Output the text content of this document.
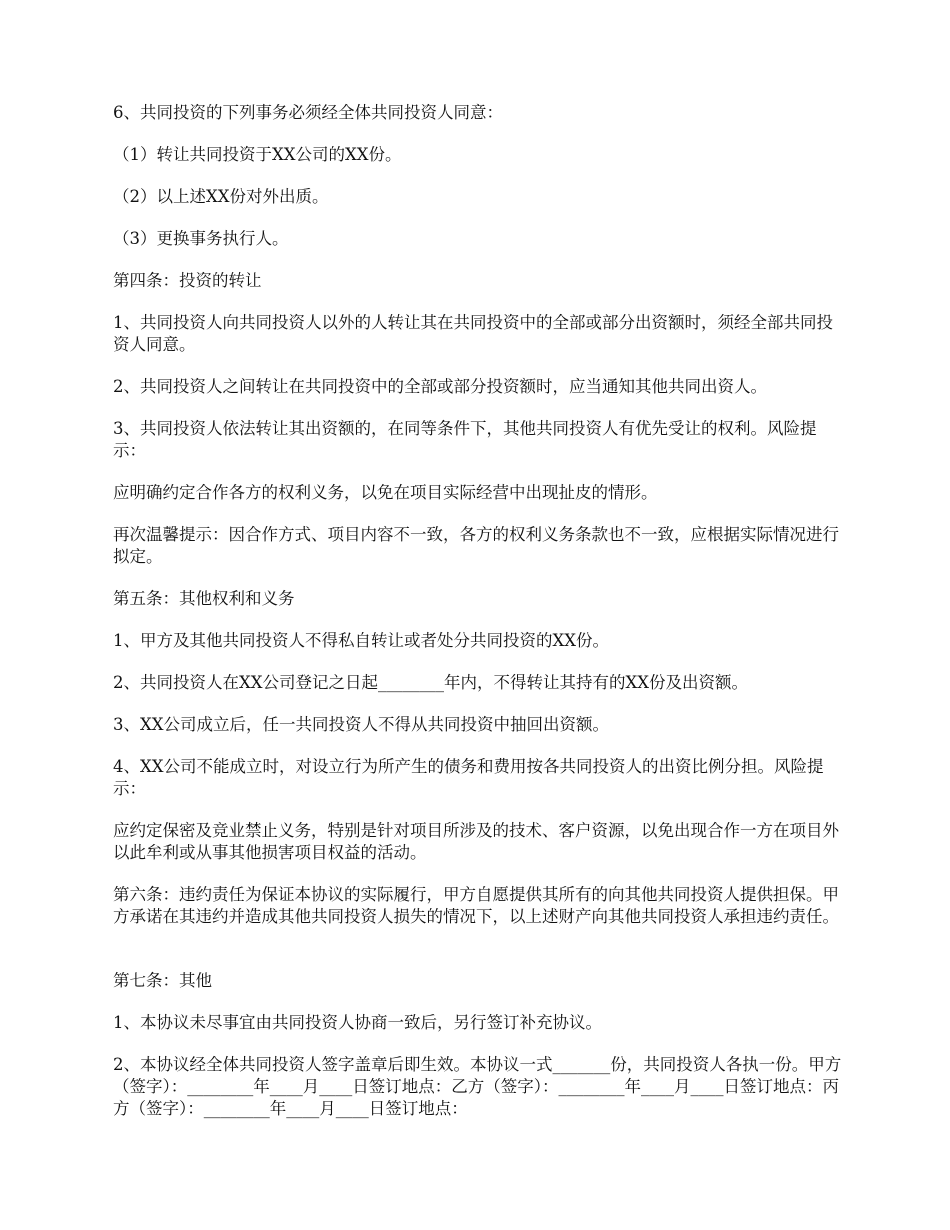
6、共同投资的下列事务必须经全体共同投资人同意：

（1）转让共同投资于XX公司的XX份。

（2）以上述XX份对外出质。

（3）更换事务执行人。

第四条：投资的转让

1、共同投资人向共同投资人以外的人转让其在共同投资中的全部或部分出资额时，须经全部共同投资人同意。

2、共同投资人之间转让在共同投资中的全部或部分投资额时，应当通知其他共同出资人。

3、共同投资人依法转让其出资额的，在同等条件下，其他共同投资人有优先受让的权利。风险提示：

应明确约定合作各方的权利义务，以免在项目实际经营中出现扯皮的情形。

再次温馨提示：因合作方式、项目内容不一致，各方的权利义务条款也不一致，应根据实际情况进行拟定。

第五条：其他权利和义务

1、甲方及其他共同投资人不得私自转让或者处分共同投资的XX份。

2、共同投资人在XX公司登记之日起________年内，不得转让其持有的XX份及出资额。

3、XX公司成立后，任一共同投资人不得从共同投资中抽回出资额。

4、XX公司不能成立时，对设立行为所产生的债务和费用按各共同投资人的出资比例分担。风险提示：

应约定保密及竞业禁止义务，特别是针对项目所涉及的技术、客户资源，以免出现合作一方在项目外以此牟利或从事其他损害项目权益的活动。

第六条：违约责任为保证本协议的实际履行，甲方自愿提供其所有的向其他共同投资人提供担保。甲方承诺在其违约并造成其他共同投资人损失的情况下，以上述财产向其他共同投资人承担违约责任。

第七条：其他

1、本协议未尽事宜由共同投资人协商一致后，另行签订补充协议。

2、本协议经全体共同投资人签字盖章后即生效。本协议一式_______份，共同投资人各执一份。甲方（签字）：________年____月____日签订地点：乙方（签字）：________年____月____日签订地点：丙方（签字）：________年____月____日签订地点：
